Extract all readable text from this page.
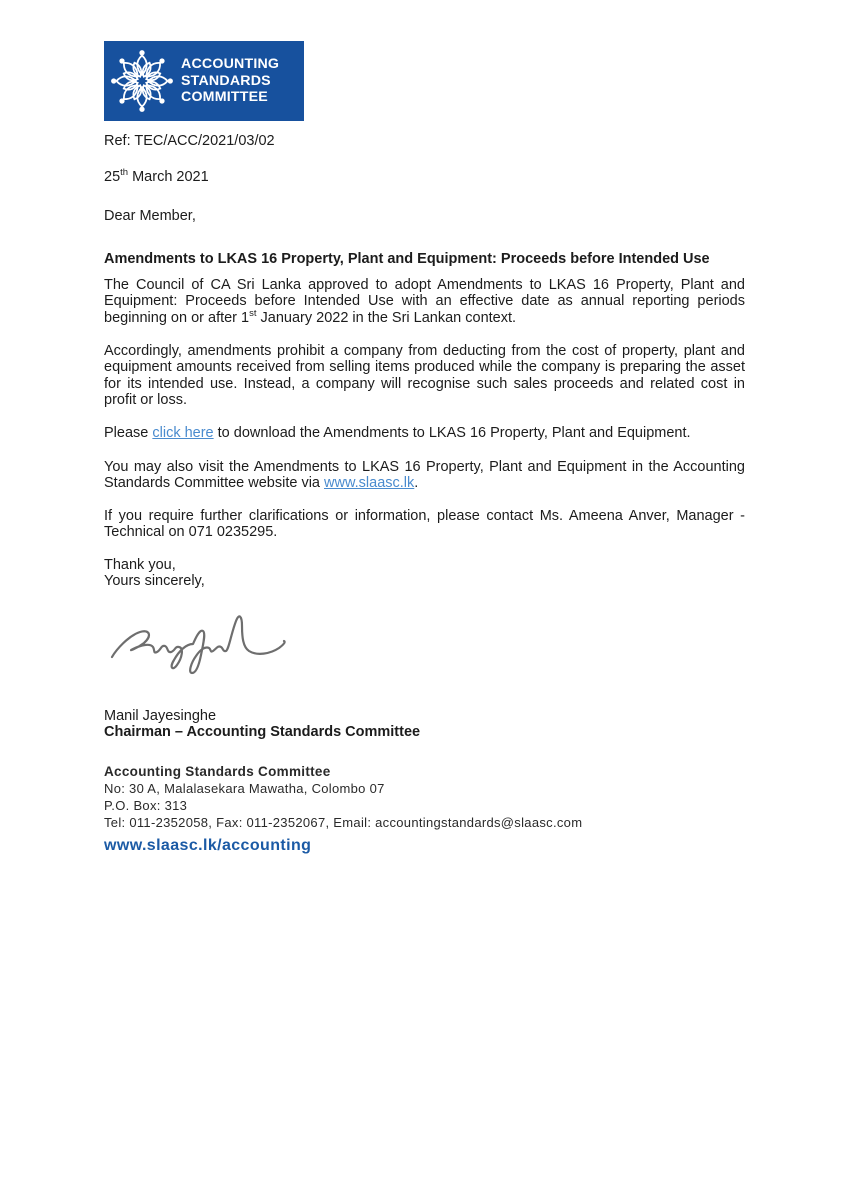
ACCOUNTING
STANDARDS
COMMITTEE
Ref: TEC/ACC/2021/03/02
25th March 2021
Dear Member,
Amendments to LKAS 16 Property, Plant and Equipment: Proceeds before Intended Use

The Council of CA Sri Lanka approved to adopt Amendments to LKAS 16 Property, Plant and Equipment: Proceeds before Intended Use with an effective date as annual reporting periods beginning on or after 1st January 2022 in the Sri Lankan context.

Accordingly, amendments prohibit a company from deducting from the cost of property, plant and equipment amounts received from selling items produced while the company is preparing the asset for its intended use. Instead, a company will recognise such sales proceeds and related cost in profit or loss.

Please click here to download the Amendments to LKAS 16 Property, Plant and Equipment.

You may also visit the Amendments to LKAS 16 Property, Plant and Equipment in the Accounting Standards Committee website via www.slaasc.lk.

If you require further clarifications or information, please contact Ms. Ameena Anver, Manager - Technical on 071 0235295.

Thank you,
Yours sincerely,
Manil Jayesinghe
Chairman – Accounting Standards Committee
Accounting Standards Committee
No: 30 A, Malalasekara Mawatha, Colombo 07
P.O. Box: 313
Tel: 011-2352058, Fax: 011-2352067, Email: accountingstandards@slaasc.com
www.slaasc.lk/accounting
